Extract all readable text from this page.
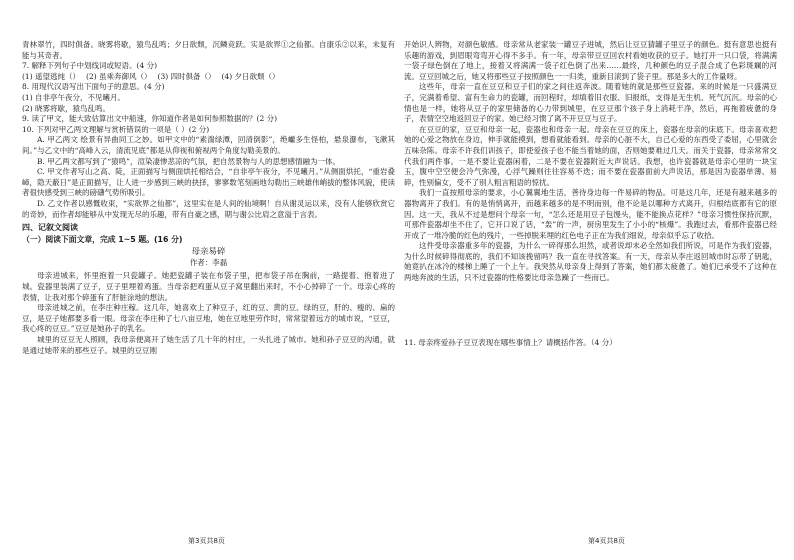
青林翠竹，四时俱备。晓雾将歇，猿鸟乱鸣；夕日欲颓，沉鳞竞跃。实是欲界①之仙都。自康乐②以来，未复有能与其奇者。

7. 解释下列句子中划线词或短语。(4 分)

(1) 遥望逃纯（） (2) 虽乘奔御风（） (3) 四时俱备（） (4) 夕日欲颓（）

8. 用现代汉语写出下面句子的意思。(4 分)

(1) 自非亭午夜分，不见曦月。

(2) 晓雾将歇，猿鸟乱鸣。

9. 读了甲文，能大致估算出文中船速，你知道作者是如何参照数据的？(2 分)

10. 下列对甲乙两文理解与赏析错误的一项是（ ）(2 分)

A. 甲乙两文 绘景有异曲同工之妙。如甲文中的“素湍绿潭，回清倒影”，绝巘多生怪柏，悬泉瀑布，飞漱其间。”与乙文中的“高峰入云，清流见底”都是从仰视和俯视两个角度勾勒美景的。

B. 甲乙两文都写到了“猿鸣”，渲染凄惨悲凉的气氛，把自然景物与人的思想感情融为一体。

C. 甲文作者写山之高、陡，正面描写与侧面烘托相结合，“自非亭午夜分，不见曦月。”从侧面烘托，“重岩叠嶂，隐天蔽日”是正面描写，让人进一步感到三峡的抉择，寥寥数笔刻画地勾勒出三峡雄伟峭拔的整体风貌，使读者很快感受到三峡的磅礴气势所吸引。

D. 乙文作者以感慨收束，“实欲界之仙都”，这里实在是人间的仙境啊！自从谢灵运以来，没有人能够欣赏它的奇妙，而作者却能够从中发现无尽的乐趣，带有自豪之感，期与谢公比肩之意溢于言表。

四、记叙文阅读

（一）阅读下面文章，完成 1~5 题。(16 分)

母亲易碎

作者：李磊

母亲进城来，怀里抱着一只瓷罐子。她把瓷罐子装在布袋子里，把布袋子吊在胸前，一路提着、抱着进了城。瓷器里装满了豆子，豆子里埋着鸡蛋。当母亲把鸡蛋从豆子窝里翻出来时，不小心掉碎了一个。母亲心疼的表情，让我对那个碎蛋有了肝脏涂地的想法。

母亲进城之前，在李庄种庄稼。这几年，她喜欢上了种豆子，红的豆、黄的豆、绿的豆，肝的、瘦的、扁的豆，是豆子她都要多看一眼。母亲在李庄种了七八亩豆地，她在豆地里劳作时，常常望着远方的城市说，“豆豆，我心疼的豆豆。”豆豆是她孙子的乳名。

城里的豆豆无人照顾，我母亲便离开了她生活了几十年的村庄，一头扎进了城市。她和孙子豆豆的沟通，就是通过她带来的那些豆子。城里的豆豆刚

开始识人辨物，对颜色敏感。母亲常从老家装一罐豆子进城，然后让豆豆猜罐子里豆子的颜色。挺有意思也挺有乐趣的游戏，到眉眼弯弯开心得不多手。有一年，母亲带豆豆回农村看她收获的豆子。她打开一只口袋，将满满一袋子绿色倒在了地上，接着又将满满一袋子红色倒了出来……最终，几种颜色的豆子混合成了色彩斑斓的河流。豆豆回城之后，她又将那些豆子按照颜色一一归类，重新目滚到了袋子里。那是多大的工作量呀。

这些年，母亲一直在豆豆和豆子们的家之间往返奔波。随着她的就是那些豆瓷器。来的时候是一只盛满豆子，完满着希望、富有生命力的瓷罐，而回程时，却填着旧衣服、旧报纸，支得是无生机、死气沉沉。母亲的心情也是一样，她将从豆子的家里储备的心力带到城里，在豆豆那个孩子身上消耗干净，然后，再拖着疲惫的身子，表情空空地返回豆子的家。她已经习惯了离不开豆豆与豆子。

在豆豆的家，豆豆和母亲一起，瓷器也和母亲一起。母亲在豆豆的床上，瓷器在母亲的床底下。母亲喜欢把她的心爱之物放在身边，伸手就能摸到，想看就能看到。母亲的心脏不大，自己心爱的东西受了委屈，心里就会五味杂陈。母亲不许我们训孩子，即使爱孩子也不能当着她的面，否则她要难过几天。而关于瓷器，母亲常常交代我们两件事。一是不要让瓷器闲着，二是不要在瓷器附近大声说话。我想，也许瓷器就是母亲心里的一块宝玉，腹中空空便会冷气弥漫，心浮气躁则往往容易不迭；而不要在瓷器面前大声说话，那是因为瓷器单薄、易碎，性别偏女，受不了别人粗言粗语的惊扰。

我们一直按照母亲的要求，小心翼翼地生活，善待身边每一件易碎的物品。可是这几年，还是有越来越多的器物离开了我们。有的是悄悄离开，而越来越多的是不明而别，他不论是以哪种方式离开，归根结底都有它的原因。这一天，我从不过是想问个母亲一句，“怎么还是用豆子包馒头，能不能换点花样？”母亲习惯性保持沉默，可那件瓷器却坐不住了，它开口说了话，“轰”的一声，厨房里发生了小小的“核爆”。我跑过去，看那件瓷器已经开成了一堆冷脆的红色的残片，一些掉脱来埋的红色电子正在为我们细说，母亲似乎忘了收拾。

这件受母亲器重多年的瓷器，为什么一碎得那么坦然，或者说却未必全然如我们所说，可是作为我们瓷器，为什么时候碎得彻底的，我们不知该挽留吗？我一直在寻找答案。有一天，母亲从李庄返回城市时忘带了钥匙，她竟扒在冰冷的楼梯上睡了一个上午。我突然从母亲身上得到了答案，她们都太疲惫了。她们已承受不了这种在两地奔波的生活，只不过瓷器的性格要比母亲急躁了一些而已。

11. 母亲疼爱孙子豆豆表现在哪些事情上？请概括作答。（4 分）

第3页共8页	第4页共8页
